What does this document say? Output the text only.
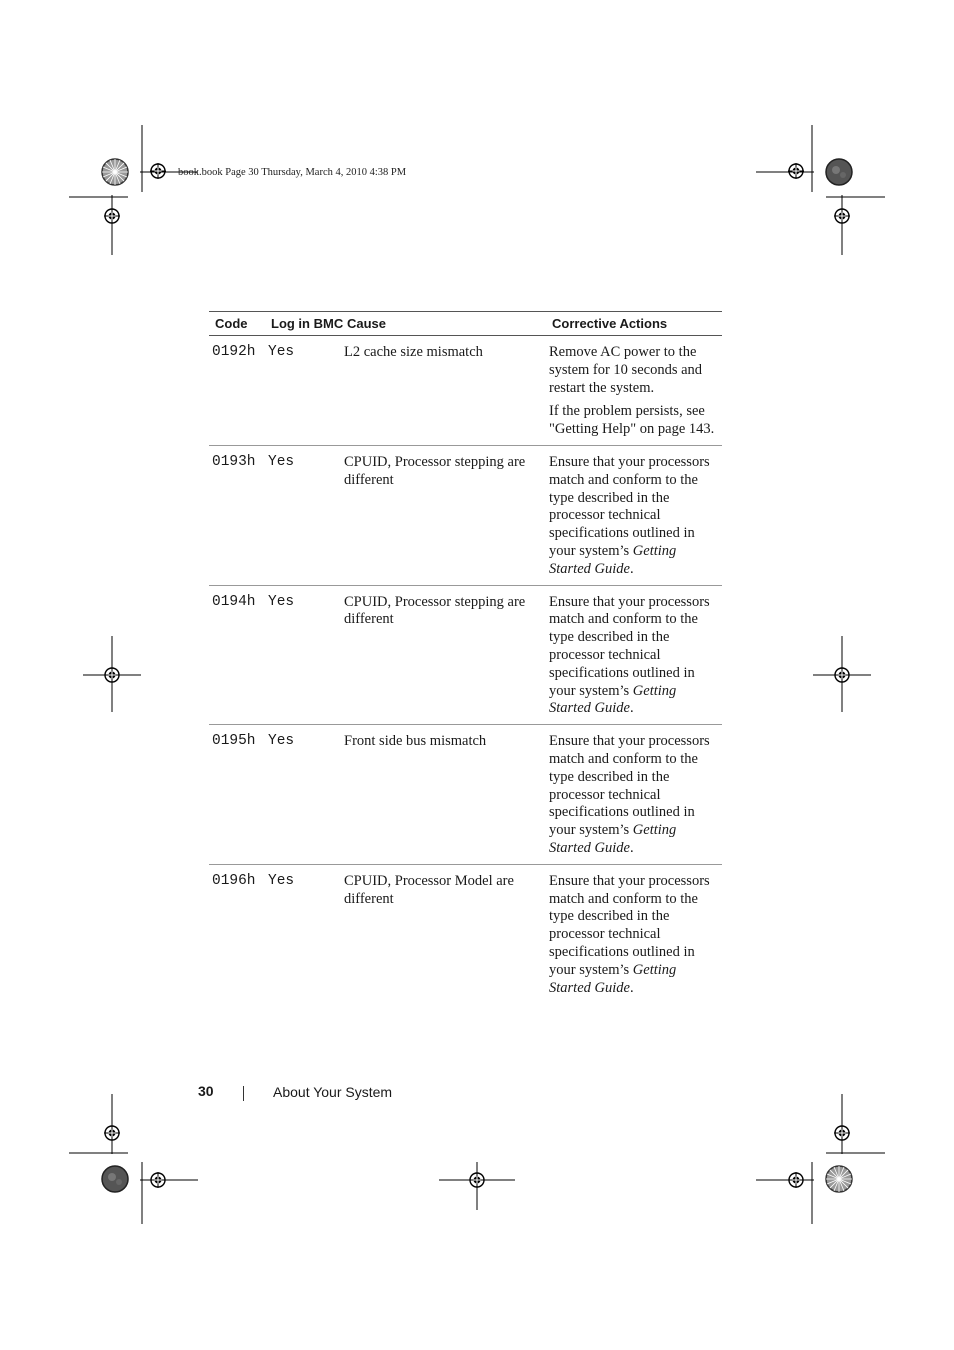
book.book Page 30 Thursday, March 4, 2010 4:38 PM
Code	Log in BMC	Cause	Corrective Actions
0192h	Yes	L2 cache size mismatch	Remove AC power to the system for 10 seconds and restart the system.

If the problem persists, see "Getting Help" on page 143.

0193h	Yes	CPUID, Processor stepping are different	Ensure that your processors match and conform to the type described in the processor technical specifications outlined in your system’s Getting Started Guide.

0194h	Yes	CPUID, Processor stepping are different	Ensure that your processors match and conform to the type described in the processor technical specifications outlined in your system’s Getting Started Guide.

0195h	Yes	Front side bus mismatch	Ensure that your processors match and conform to the type described in the processor technical specifications outlined in your system’s Getting Started Guide.

0196h	Yes	CPUID, Processor Model are different	Ensure that your processors match and conform to the type described in the processor technical specifications outlined in your system’s Getting Started Guide.

30	About Your System
